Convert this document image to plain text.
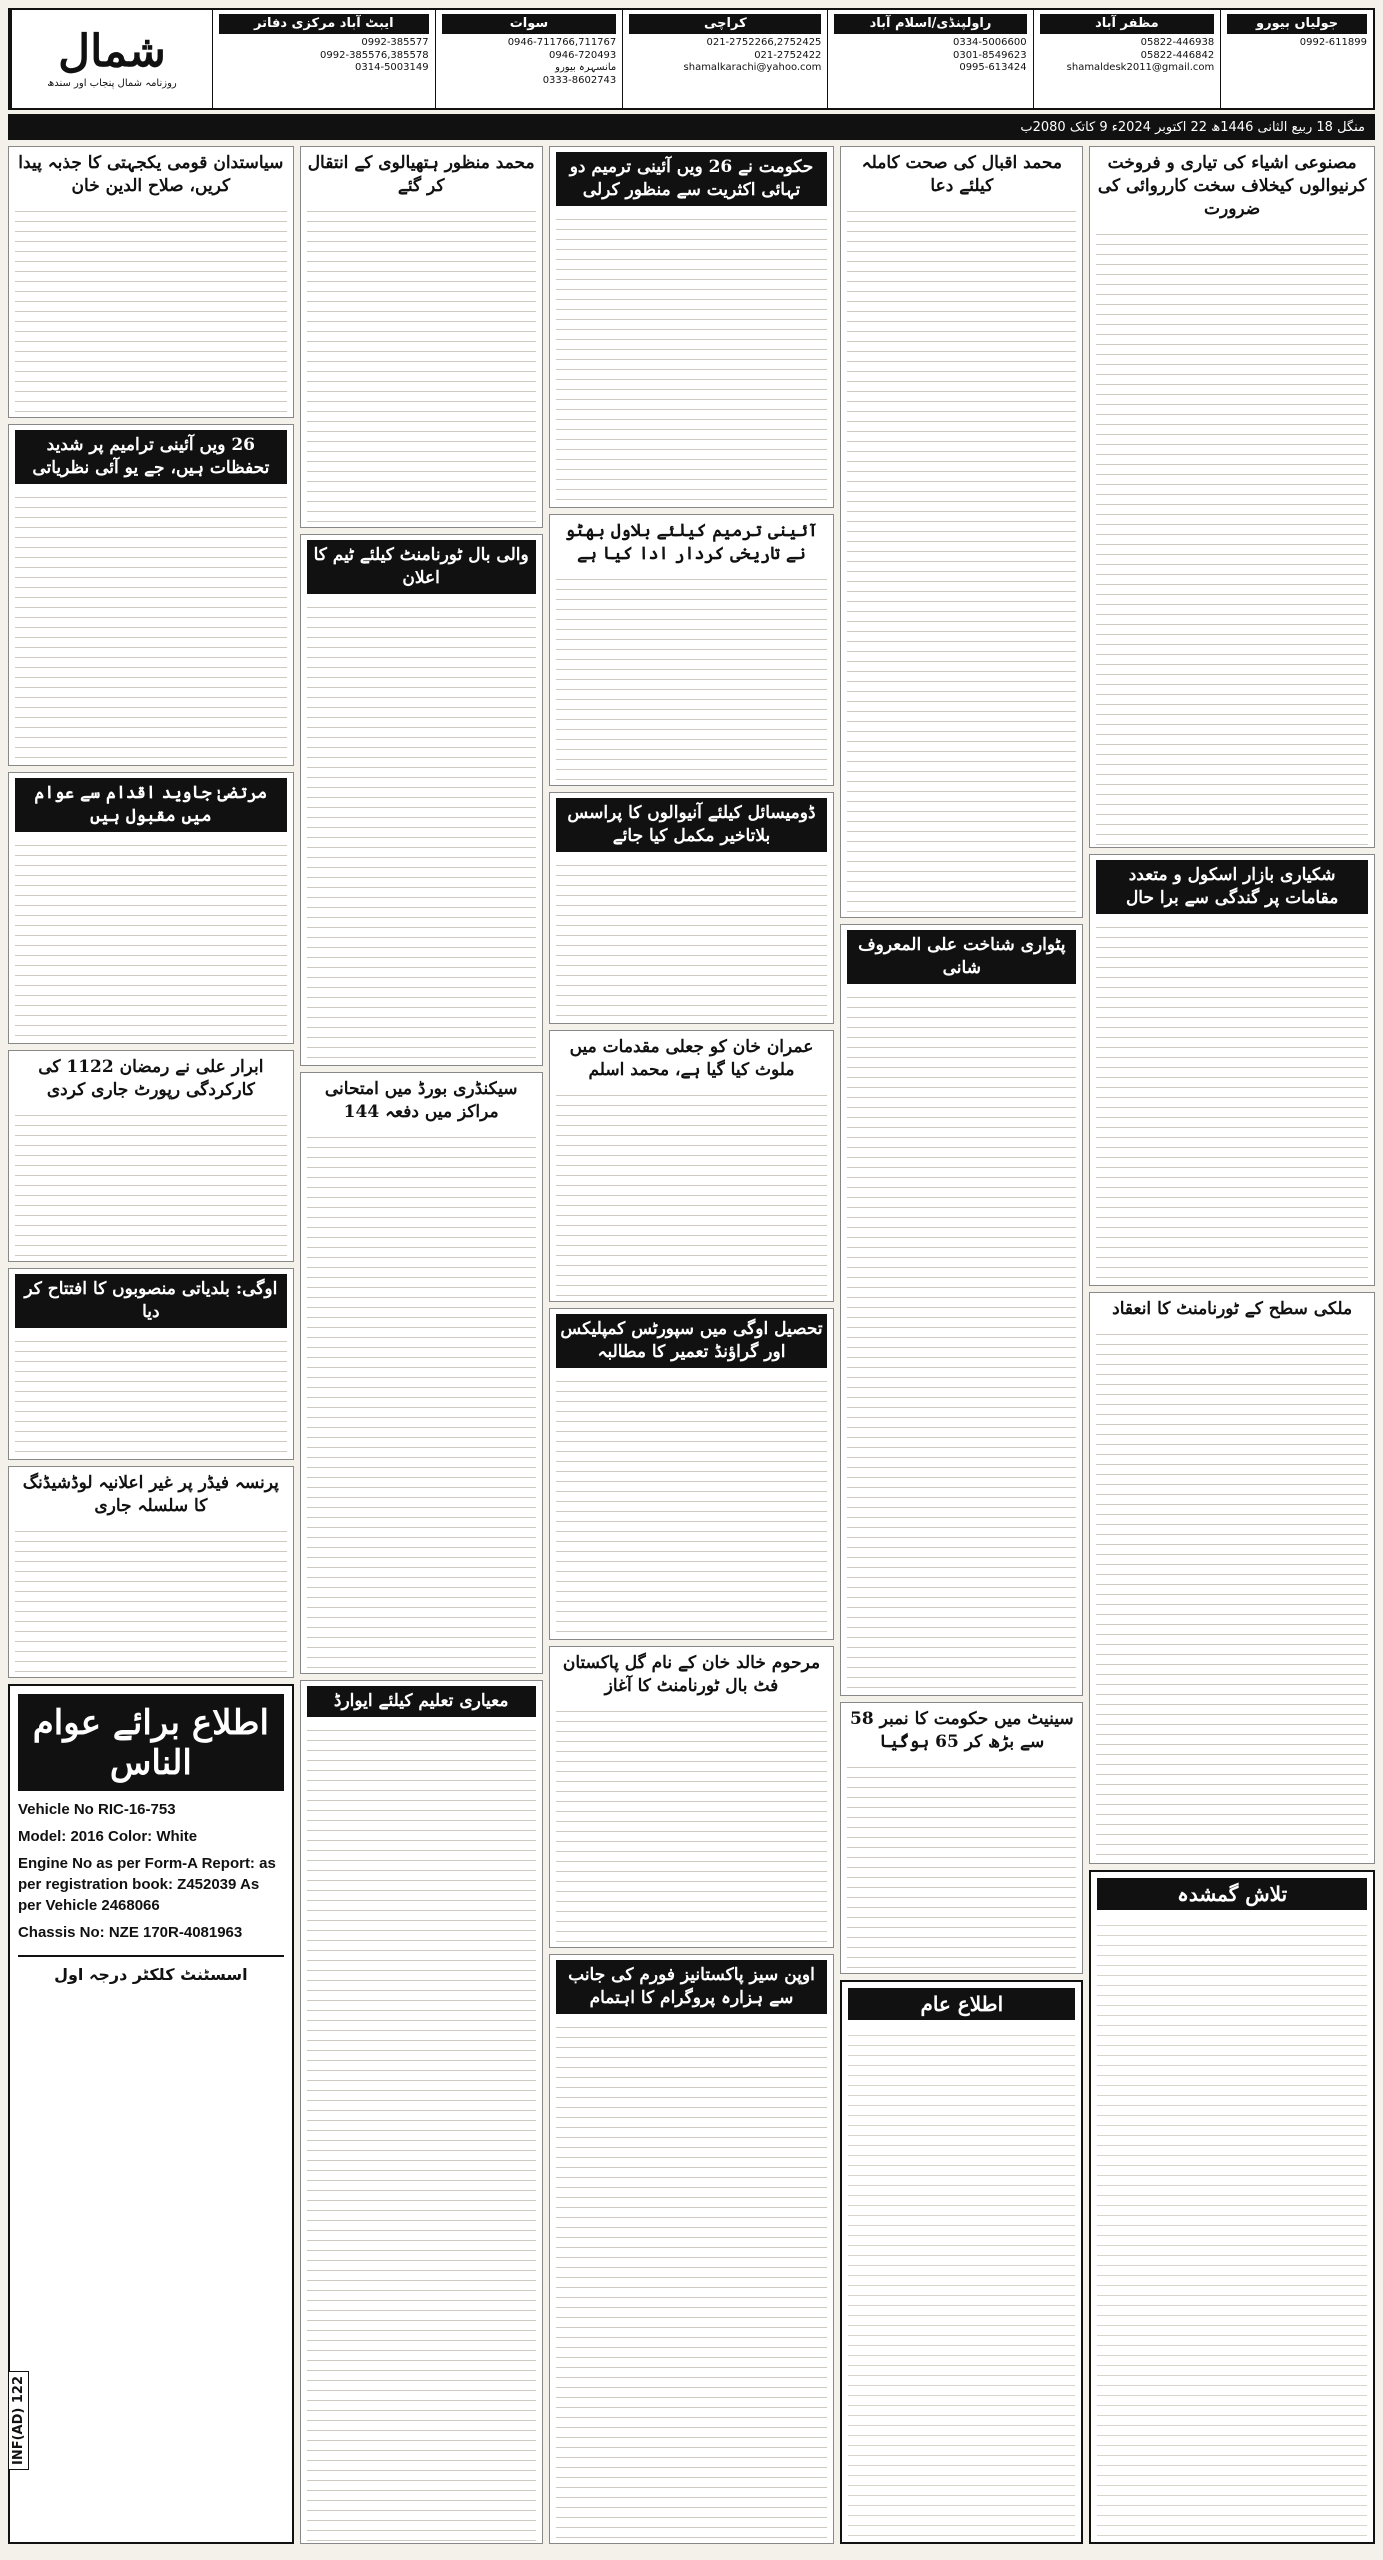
شمال
روزنامہ شمال پنجاب اور سندھ
ایبٹ آباد مرکزی دفاتر
0992-385577
0992-385576,385578
0314-5003149
سوات
0946-711766,711767
0946-720493
مانسہرہ بیورو
0333-8602743
کراچی
021-2752266,2752425
021-2752422
shamalkarachi@yahoo.com
راولپنڈی/اسلام آباد
0334-5006600
0301-8549623
0995-613424
مظفر آباد
05822-446938
05822-446842
shamaldesk2011@gmail.com
جولیاں بیورو
0992-611899
منگل 18 ربیع الثانی 1446ھ 22 اکتوبر 2024ء 9 کاتک 2080ب
مصنوعی اشیاء کی تیاری و فروخت کرنیوالوں کیخلاف سخت کارروائی کی ضرورت
شکیاری بازار اسکول و متعدد مقامات پر گندگی سے برا حال
ملکی سطح کے ٹورنامنٹ کا انعقاد
تلاش گمشدہ
محمد اقبال کی صحت کاملہ کیلئے دعا
پٹواری شناخت علی المعروف شانی
سینیٹ میں حکومت کا نمبر 58 سے بڑھ کر 65 ہوگیا
اطلاع عام
حکومت نے 26 ویں آئینی ترمیم دو تہائی اکثریت سے منظور کرلی
آئینی ترمیم کیلئے بلاول بھٹو نے تاریخی کردار ادا کیا ہے
ڈومیسائل کیلئے آنیوالوں کا پراسس بلاتاخیر مکمل کیا جائے
عمران خان کو جعلی مقدمات میں ملوث کیا گیا ہے، محمد اسلم
تحصیل اوگی میں سپورٹس کمپلیکس اور گراؤنڈ تعمیر کا مطالبہ
مرحوم خالد خان کے نام گل پاکستان فٹ بال ٹورنامنٹ کا آغاز
اوپن سیز پاکستانیز فورم کی جانب سے ہزارہ پروگرام کا اہتمام
محمد منظور ہتھیالوی کے انتقال کر گئے
والی بال ٹورنامنٹ کیلئے ٹیم کا اعلان
سیکنڈری بورڈ میں امتحانی مراکز میں دفعہ 144
معیاری تعلیم کیلئے ایوارڈ
سیاستدان قومی یکجہتی کا جذبہ پیدا کریں، صلاح الدین خان
26 ویں آئینی ترامیم پر شدید تحفظات ہیں، جے یو آئی نظریاتی
مرتضیٰ جاوید اقدام سے عوام میں مقبول ہیں
ابرار علی نے رمضان 1122 کی کارکردگی رپورٹ جاری کردی
اوگی: بلدیاتی منصوبوں کا افتتاح کر دیا
پرنسہ فیڈر پر غیر اعلانیہ لوڈشیڈنگ کا سلسلہ جاری
اطلاع برائے عوام الناس
Vehicle No RIC-16-753
Model: 2016 Color: White
Engine No as per Form-A Report: as per registration book: Z452039 As per Vehicle 2468066
Chassis No: NZE 170R-4081963
اسسٹنٹ کلکٹر درجہ اول
INF(AD) 122
